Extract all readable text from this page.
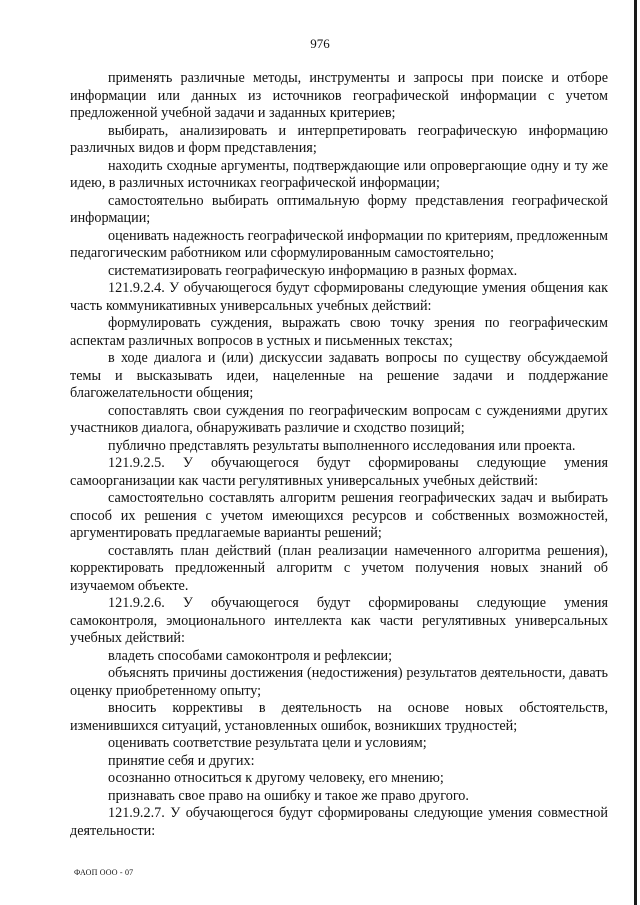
976

применять различные методы, инструменты и запросы при поиске и отборе информации или данных из источников географической информации с учетом предложенной учебной задачи и заданных критериев;

выбирать, анализировать и интерпретировать географическую информацию различных видов и форм представления;

находить сходные аргументы, подтверждающие или опровергающие одну и ту же идею, в различных источниках географической информации;

самостоятельно выбирать оптимальную форму представления географической информации;

оценивать надежность географической информации по критериям, предложенным педагогическим работником или сформулированным самостоятельно;

систематизировать географическую информацию в разных формах.

121.9.2.4. У обучающегося будут сформированы следующие умения общения как часть коммуникативных универсальных учебных действий:

формулировать суждения, выражать свою точку зрения по географическим аспектам различных вопросов в устных и письменных текстах;

в ходе диалога и (или) дискуссии задавать вопросы по существу обсуждаемой темы и высказывать идеи, нацеленные на решение задачи и поддержание благожелательности общения;

сопоставлять свои суждения по географическим вопросам с суждениями других участников диалога, обнаруживать различие и сходство позиций;

публично представлять результаты выполненного исследования или проекта.

121.9.2.5. У обучающегося будут сформированы следующие умения самоорганизации как части регулятивных универсальных учебных действий:

самостоятельно составлять алгоритм решения географических задач и выбирать способ их решения с учетом имеющихся ресурсов и собственных возможностей, аргументировать предлагаемые варианты решений;

составлять план действий (план реализации намеченного алгоритма решения), корректировать предложенный алгоритм с учетом получения новых знаний об изучаемом объекте.

121.9.2.6. У обучающегося будут сформированы следующие умения самоконтроля, эмоционального интеллекта как части регулятивных универсальных учебных действий:

владеть способами самоконтроля и рефлексии;

объяснять причины достижения (недостижения) результатов деятельности, давать оценку приобретенному опыту;

вносить коррективы в деятельность на основе новых обстоятельств, изменившихся ситуаций, установленных ошибок, возникших трудностей;

оценивать соответствие результата цели и условиям;

принятие себя и других:

осознанно относиться к другому человеку, его мнению;

признавать свое право на ошибку и такое же право другого.

121.9.2.7. У обучающегося будут сформированы следующие умения совместной деятельности:

ФАОП ООО - 07
